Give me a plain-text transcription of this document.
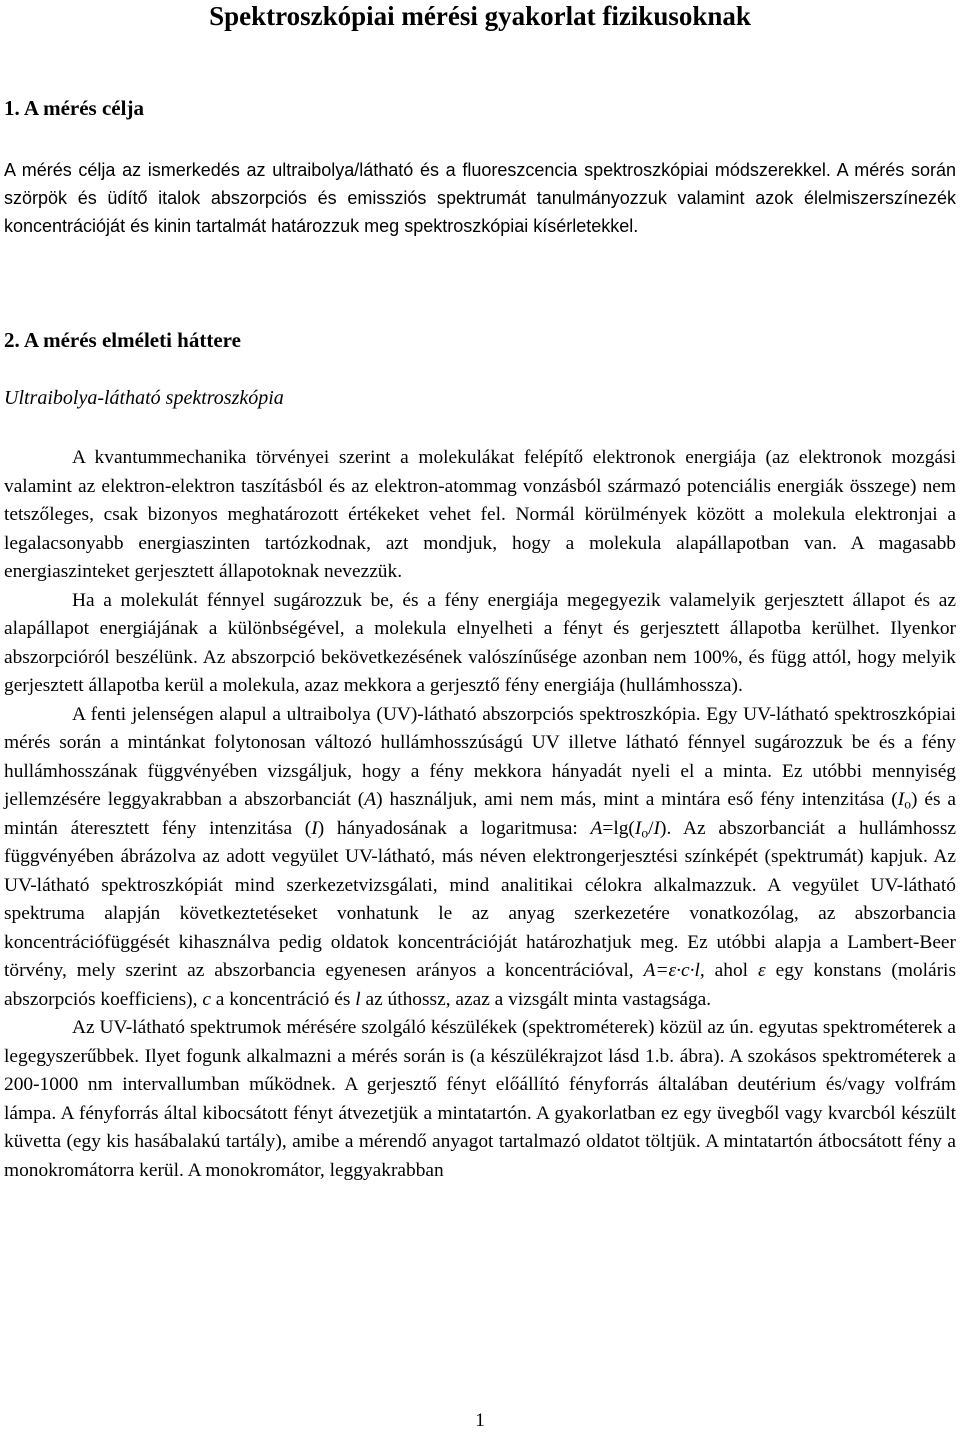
Spektroszkópiai mérési gyakorlat fizikusoknak
1. A mérés célja

A mérés célja az ismerkedés az ultraibolya/látható és a fluoreszcencia spektroszkópiai módszerekkel. A mérés során szörpök és üdítő italok abszorpciós és emissziós spektrumát tanulmányozzuk valamint azok élelmiszerszínezék koncentrációját és kinin tartalmát határozzuk meg spektroszkópiai kísérletekkel.

2. A mérés elméleti háttere

Ultraibolya-látható spektroszkópia

A kvantummechanika törvényei szerint a molekulákat felépítő elektronok energiája (az elektronok mozgási valamint az elektron-elektron taszításból és az elektron-atommag vonzásból származó potenciális energiák összege) nem tetszőleges, csak bizonyos meghatározott értékeket vehet fel. Normál körülmények között a molekula elektronjai a legalacsonyabb energiaszinten tartózkodnak, azt mondjuk, hogy a molekula alapállapotban van. A magasabb energiaszinteket gerjesztett állapotoknak nevezzük.

Ha a molekulát fénnyel sugározzuk be, és a fény energiája megegyezik valamelyik gerjesztett állapot és az alapállapot energiájának a különbségével, a molekula elnyelheti a fényt és gerjesztett állapotba kerülhet. Ilyenkor abszorpcióról beszélünk. Az abszorpció bekövetkezésének valószínűsége azonban nem 100%, és függ attól, hogy melyik gerjesztett állapotba kerül a molekula, azaz mekkora a gerjesztő fény energiája (hullámhossza).

A fenti jelenségen alapul a ultraibolya (UV)-látható abszorpciós spektroszkópia. Egy UV-látható spektroszkópiai mérés során a mintánkat folytonosan változó hullámhosszúságú UV illetve látható fénnyel sugározzuk be és a fény hullámhosszának függvényében vizsgáljuk, hogy a fény mekkora hányadát nyeli el a minta. Ez utóbbi mennyiség jellemzésére leggyakrabban a abszorbanciát (A) használjuk, ami nem más, mint a mintára eső fény intenzitása $(I_o)$ és a mintán áteresztett fény intenzitása (I) hányadosának a logaritmusa: $A=\lg(I_o/I)$. Az abszorbanciát a hullámhossz függvényében ábrázolva az adott vegyület UV-látható, más néven elektrongerjesztési színképét (spektrumát) kapjuk. Az UV-látható spektroszkópiát mind szerkezetvizsgálati, mind analitikai célokra alkalmazzuk. A vegyület UV-látható spektruma alapján következtetéseket vonhatunk le az anyag szerkezetére vonatkozólag, az abszorbancia koncentrációfüggését kihasználva pedig oldatok koncentrációját határozhatjuk meg. Ez utóbbi alapja a Lambert-Beer törvény, mely szerint az abszorbancia egyenesen arányos a koncentrációval, A=ε·c·l, ahol ε egy konstans (moláris abszorpciós koefficiens), c a koncentráció és l az úthossz, azaz a vizsgált minta vastagsága.

Az UV-látható spektrumok mérésére szolgáló készülékek (spektrométerek) közül az ún. egyutas spektrométerek a legegyszerűbbek. Ilyet fogunk alkalmazni a mérés során is (a készülékrajzot lásd 1.b. ábra). A szokásos spektrométerek a 200-1000 nm intervallumban működnek. A gerjesztő fényt előállító fényforrás általában deutérium és/vagy volfrám lámpa. A fényforrás által kibocsátott fényt átvezetjük a mintatartón. A gyakorlatban ez egy üvegből vagy kvarcból készült küvetta (egy kis hasábalakú tartály), amibe a mérendő anyagot tartalmazó oldatot töltjük. A mintatartón átbocsátott fény a monokromátorra kerül. A monokromátor, leggyakrabban

1
